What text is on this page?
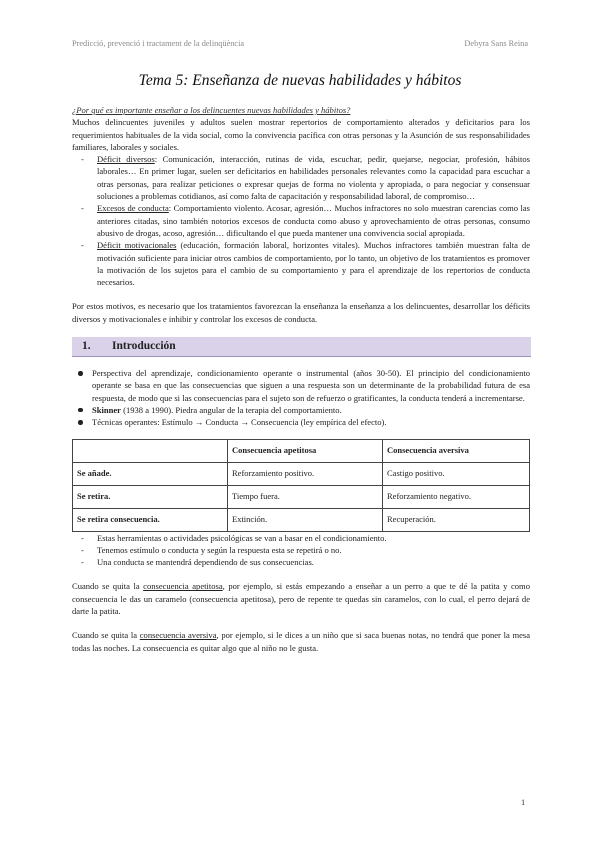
Predicció, prevenció i tractament de la delinqüència	Debyra Sans Reina
Tema 5: Enseñanza de nuevas habilidades y hábitos

¿Por qué es importante enseñar a los delincuentes nuevas habilidades y hábitos?

Muchos delincuentes juveniles y adultos suelen mostrar repertorios de comportamiento alterados y deficitarios para los requerimientos habituales de la vida social, como la convivencia pacífica con otras personas y la Asunción de sus responsabilidades familiares, laborales y sociales.

- Déficit diversos: Comunicación, interacción, rutinas de vida, escuchar, pedir, quejarse, negociar, profesión, hábitos laborales… En primer lugar, suelen ser deficitarios en habilidades personales relevantes como la capacidad para escuchar a otras personas, para realizar peticiones o expresar quejas de forma no violenta y apropiada, o para negociar y consensuar soluciones a problemas cotidianos, así como falta de capacitación y responsabilidad laboral, de compromiso…
- Excesos de conducta: Comportamiento violento. Acosar, agresión… Muchos infractores no solo muestran carencias como las anteriores citadas, sino también notorios excesos de conducta como abuso y aprovechamiento de otras personas, consumo abusivo de drogas, acoso, agresión… dificultando el que pueda mantener una convivencia social apropiada.
- Déficit motivacionales (educación, formación laboral, horizontes vitales). Muchos infractores también muestran falta de motivación suficiente para iniciar otros cambios de comportamiento, por lo tanto, un objetivo de los tratamientos es promover la motivación de los sujetos para el cambio de su comportamiento y para el aprendizaje de los repertorios de conducta necesarios.

Por estos motivos, es necesario que los tratamientos favorezcan la enseñanza la enseñanza a los delincuentes, desarrollar los déficits diversos y motivacionales e inhibir y controlar los excesos de conducta.

1.	Introducción
Perspectiva del aprendizaje, condicionamiento operante o instrumental (años 30-50). El principio del condicionamiento operante se basa en que las consecuencias que siguen a una respuesta son un determinante de la probabilidad futura de esa respuesta, de modo que si las consecuencias para el sujeto son de refuerzo o gratificantes, la conducta tenderá a incrementarse.
Skinner (1938 a 1990). Piedra angular de la terapia del comportamiento.
Técnicas operantes: Estímulo → Conducta → Consecuencia (ley empírica del efecto).
	Consecuencia apetitosa	Consecuencia aversiva
Se añade.	Reforzamiento positivo.	Castigo positivo.
Se retira.	Tiempo fuera.	Reforzamiento negativo.
Se retira consecuencia.	Extinción.	Recuperación.
- Estas herramientas o actividades psicológicas se van a basar en el condicionamiento.
- Tenemos estímulo o conducta y según la respuesta esta se repetirá o no.
- Una conducta se mantendrá dependiendo de sus consecuencias.

Cuando se quita la consecuencia apetitosa, por ejemplo, si estás empezando a enseñar a un perro a que te dé la patita y como consecuencia le das un caramelo (consecuencia apetitosa), pero de repente te quedas sin caramelos, con lo cual, el perro dejará de darte la patita.

Cuando se quita la consecuencia aversiva, por ejemplo, si le dices a un niño que si saca buenas notas, no tendrá que poner la mesa todas las noches. La consecuencia es quitar algo que al niño no le gusta.

1
